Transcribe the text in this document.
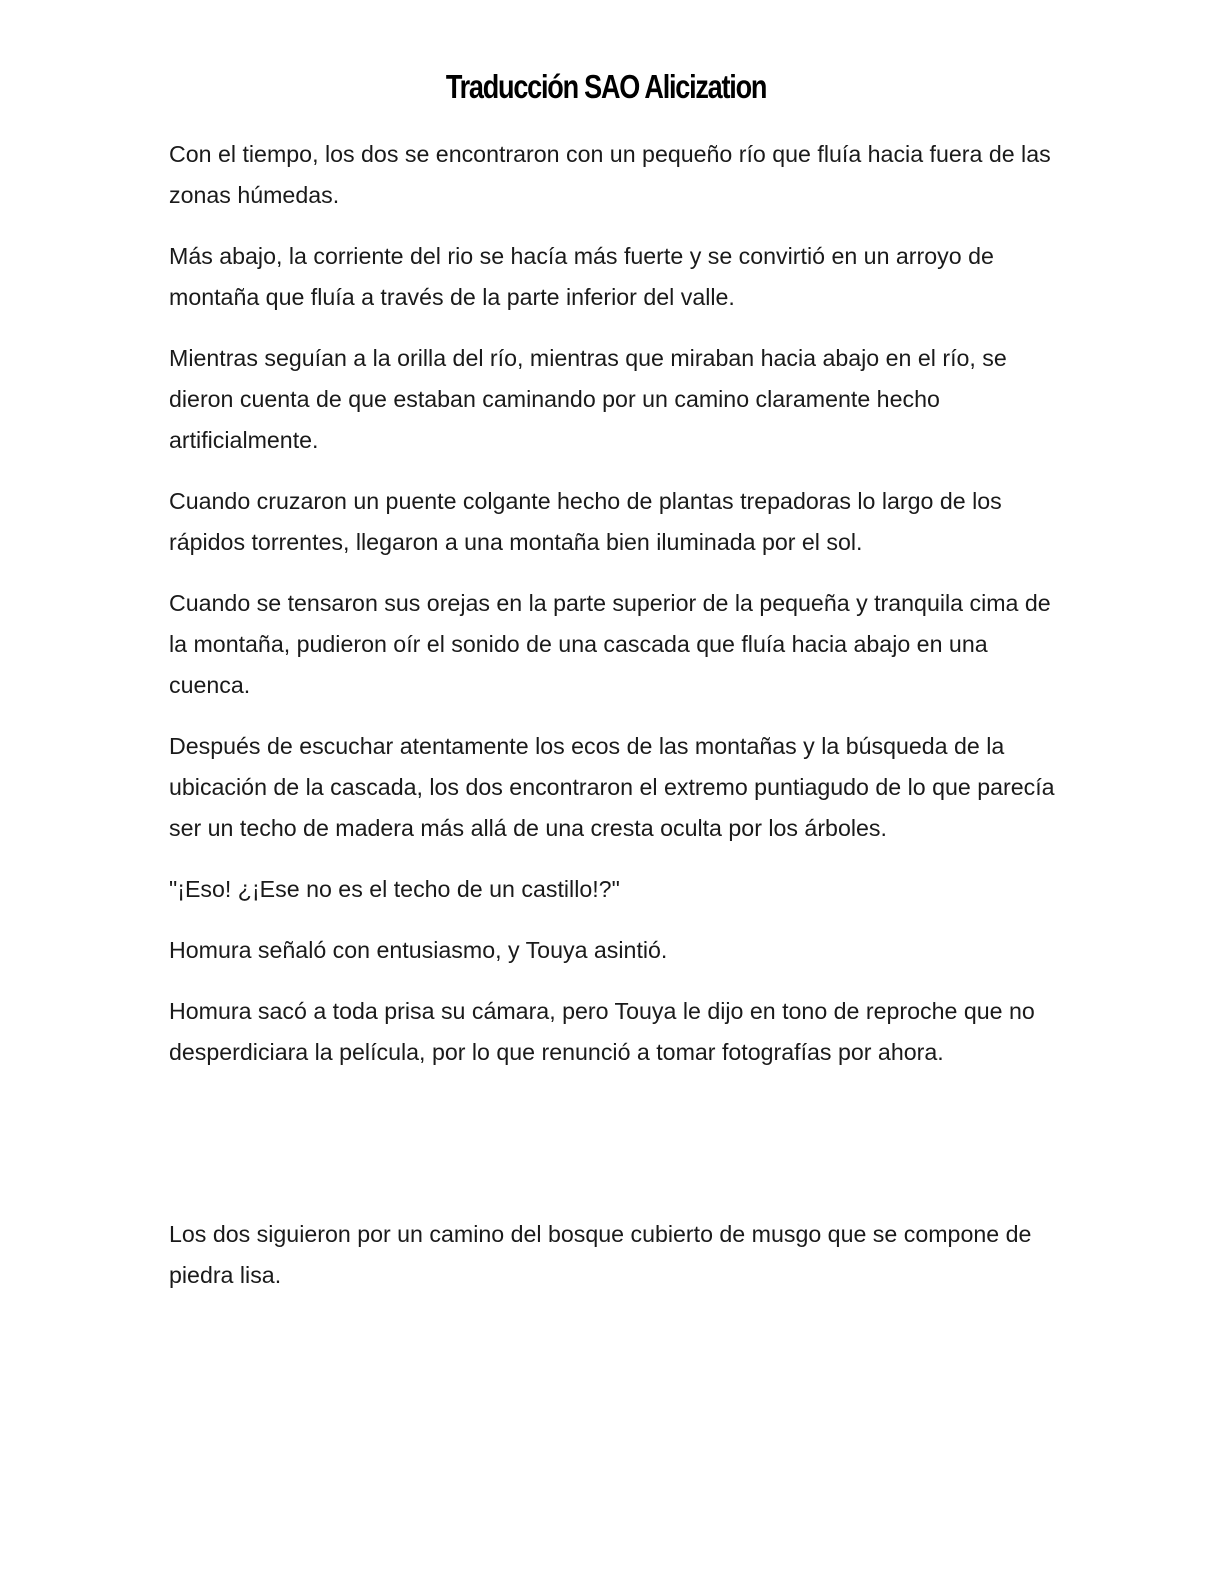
Traducción SAO Alicization

Con el tiempo, los dos se encontraron con un pequeño río que fluía hacia fuera de las zonas húmedas.

Más abajo, la corriente del rio se hacía más fuerte y se convirtió en un arroyo de montaña que fluía a través de la parte inferior del valle.

Mientras seguían a la orilla del río, mientras que miraban hacia abajo en el río, se dieron cuenta de que estaban caminando por un camino claramente hecho artificialmente.

Cuando cruzaron un puente colgante hecho de plantas trepadoras lo largo de los rápidos torrentes, llegaron a una montaña bien iluminada por el sol.

Cuando se tensaron sus orejas en la parte superior de la pequeña y tranquila cima de la montaña, pudieron oír el sonido de una cascada que fluía hacia abajo en una cuenca.

Después de escuchar atentamente los ecos de las montañas y la búsqueda de la ubicación de la cascada, los dos encontraron el extremo puntiagudo de lo que parecía ser un techo de madera más allá de una cresta oculta por los árboles.

"¡Eso! ¿¡Ese no es el techo de un castillo!?"

Homura señaló con entusiasmo, y Touya asintió.

Homura sacó a toda prisa su cámara, pero Touya le dijo en tono de reproche que no desperdiciara la película, por lo que renunció a tomar fotografías por ahora.

Los dos siguieron por un camino del bosque cubierto de musgo que se compone de piedra lisa.
